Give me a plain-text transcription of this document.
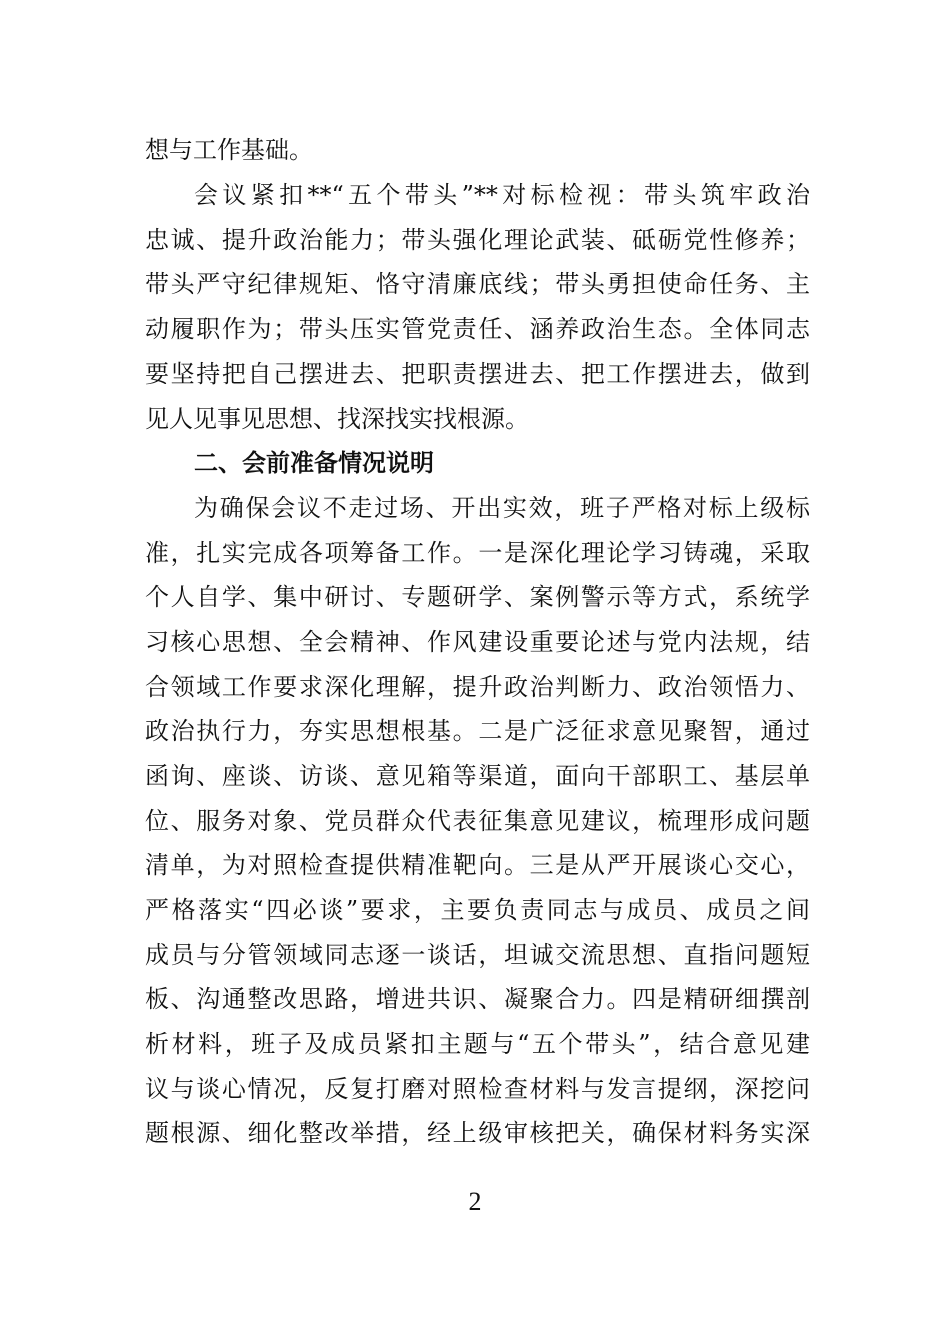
想与工作基础。
会议紧扣**“五个带头”**对标检视：带头筑牢政治
忠诚、提升政治能力；带头强化理论武装、砥砺党性修养；
带头严守纪律规矩、恪守清廉底线；带头勇担使命任务、主
动履职作为；带头压实管党责任、涵养政治生态。全体同志
要坚持把自己摆进去、把职责摆进去、把工作摆进去，做到
见人见事见思想、找深找实找根源。
二、会前准备情况说明
为确保会议不走过场、开出实效，班子严格对标上级标
准，扎实完成各项筹备工作。一是深化理论学习铸魂，采取
个人自学、集中研讨、专题研学、案例警示等方式，系统学
习核心思想、全会精神、作风建设重要论述与党内法规，结
合领域工作要求深化理解，提升政治判断力、政治领悟力、
政治执行力，夯实思想根基。二是广泛征求意见聚智，通过
函询、座谈、访谈、意见箱等渠道，面向干部职工、基层单
位、服务对象、党员群众代表征集意见建议，梳理形成问题
清单，为对照检查提供精准靶向。三是从严开展谈心交心，
严格落实“四必谈”要求，主要负责同志与成员、成员之间
成员与分管领域同志逐一谈话，坦诚交流思想、直指问题短
板、沟通整改思路，增进共识、凝聚合力。四是精研细撰剖
析材料，班子及成员紧扣主题与“五个带头”，结合意见建
议与谈心情况，反复打磨对照检查材料与发言提纲，深挖问
题根源、细化整改举措，经上级审核把关，确保材料务实深
2
